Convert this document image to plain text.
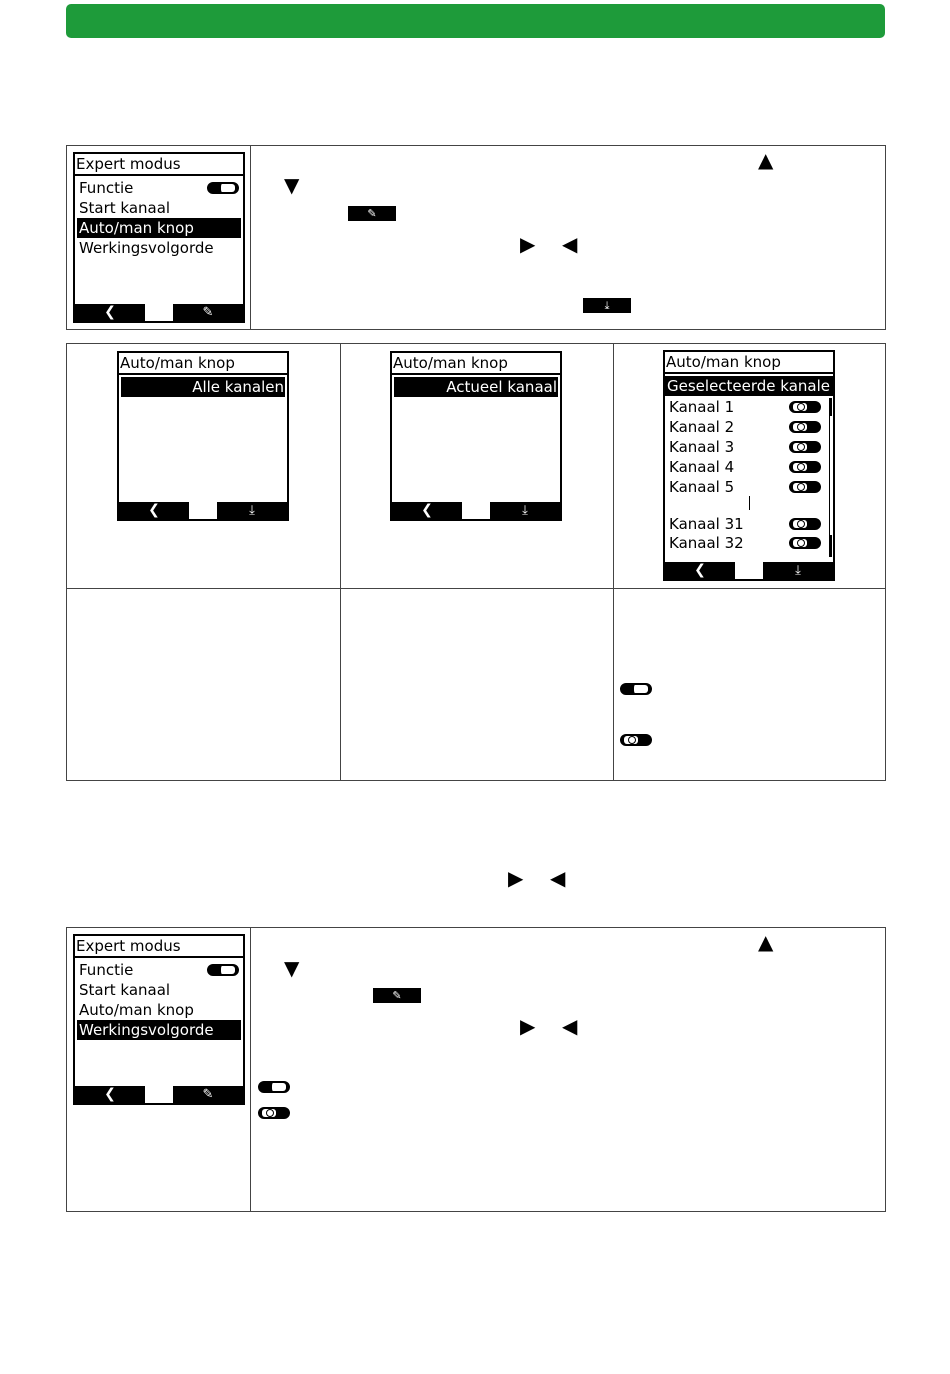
Expert modus
Functie
Start kanaal
Auto/man knop
Werkingsvolgorde
❮	✎
▲
▼
✎
▶ ◀
⤓
Auto/man knop
Alle kanalen
❮	⤓
Auto/man knop
Actueel kanaal
❮	⤓
Auto/man knop
Geselecteerde kanale
Kanaal 1
Kanaal 2
Kanaal 3
Kanaal 4
Kanaal 5
Kanaal 31
Kanaal 32
❮	⤓
▶ ◀
Expert modus
Functie
Start kanaal
Auto/man knop
Werkingsvolgorde
❮	✎
▲
▼
✎
▶ ◀
